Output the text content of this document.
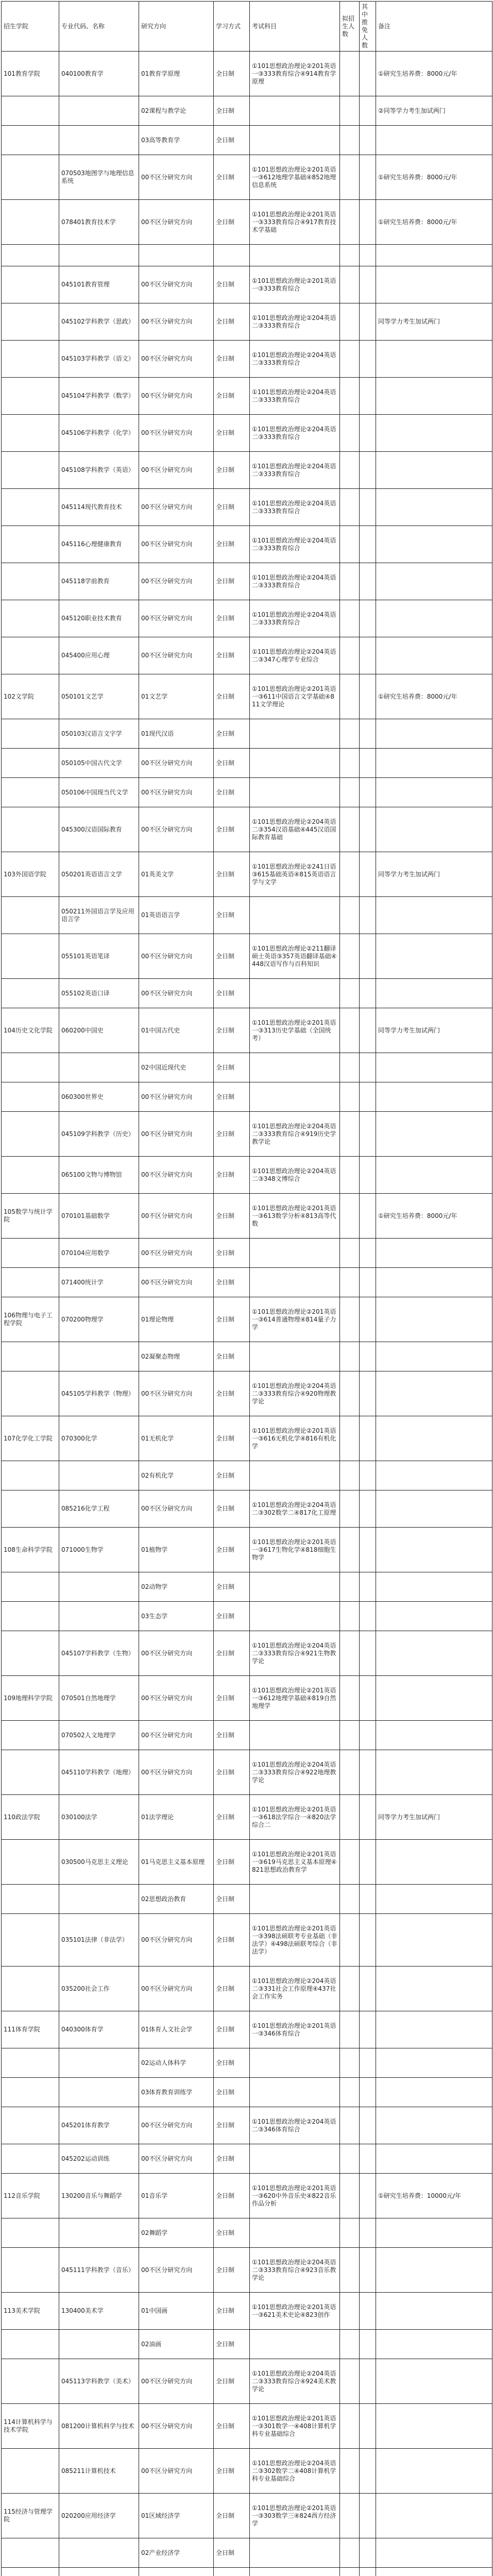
招生学院	专业代码、名称	研究方向	学习方式	考试科目	拟招生人数	其中推免人数	备注
101教育学院	040100教育学	01教育学原理	全日制	①101思想政治理论②201英语一③333教育综合④914教育学原理			①研究生培养费：8000元/年
		02课程与教学论	全日制				②同等学力考生加试两门
		03高等教育学	全日制				
	070503地图学与地理信息系统	00不区分研究方向	全日制	①101思想政治理论②201英语一③612地理学基础④852地理信息系统			①研究生培养费：8000元/年
	078401教育技术学	00不区分研究方向	全日制	①101思想政治理论②201英语一③333教育综合④917教育技术学基础			①研究生培养费：8000元/年

	045101教育管理	00不区分研究方向	全日制	①101思想政治理论②201英语一③333教育综合			
	045102学科教学（思政）	00不区分研究方向	全日制	①101思想政治理论②204英语二③333教育综合			同等学力考生加试两门
	045103学科教学（语文）	00不区分研究方向	全日制	①101思想政治理论②204英语二③333教育综合			
	045104学科教学（数学）	00不区分研究方向	全日制	①101思想政治理论②204英语二③333教育综合			
	045106学科教学（化学）	00不区分研究方向	全日制	①101思想政治理论②204英语二③333教育综合			
	045108学科教学（英语）	00不区分研究方向	全日制	①101思想政治理论②204英语二③333教育综合			
	045114现代教育技术	00不区分研究方向	全日制	①101思想政治理论②204英语二③333教育综合			
	045116心理健康教育	00不区分研究方向	全日制	①101思想政治理论②204英语二③333教育综合			
	045118学前教育	00不区分研究方向	全日制	①101思想政治理论②204英语二③333教育综合			
	045120职业技术教育	00不区分研究方向	全日制	①101思想政治理论②204英语二③333教育综合			
	045400应用心理	00不区分研究方向	全日制	①101思想政治理论②204英语二③347心理学专业综合			
102文学院	050101文艺学	01文艺学	全日制	①101思想政治理论②201英语一③611中国语言文学基础④811文学理论			①研究生培养费：8000元/年
	050103汉语言文字学	01现代汉语	全日制				
	050105中国古代文学	00不区分研究方向	全日制				
	050106中国现当代文学	00不区分研究方向	全日制				
	045300汉语国际教育	00不区分研究方向	全日制	①101思想政治理论②204英语二③354汉语基础④445汉语国际教育基础			
103外国语学院	050201英语语言文学	01英美文学	全日制	①101思想政治理论②241日语③615基础英语④815英语语言学与文学			同等学力考生加试两门
	050211外国语言学及应用语言学	01英语语言学	全日制				
	055101英语笔译	00不区分研究方向	全日制	①101思想政治理论②211翻译硕士英语③357英语翻译基础④448汉语写作与百科知识			
	055102英语口译	00不区分研究方向	全日制				
104历史文化学院	060200中国史	01中国古代史	全日制	①101思想政治理论②201英语一③313历史学基础（全国统考）			同等学力考生加试两门
		02中国近现代史	全日制				
	060300世界史	00不区分研究方向	全日制				
	045109学科教学（历史）	00不区分研究方向	全日制	①101思想政治理论②204英语二③333教育综合④919历史学教学论			
	065100文物与博物馆	00不区分研究方向	全日制	①101思想政治理论②204英语二③348文博综合			
105数学与统计学院	070101基础数学	00不区分研究方向	全日制	①101思想政治理论②201英语一③613数学分析④813高等代数			①研究生培养费：8000元/年
	070104应用数学	00不区分研究方向	全日制				
	071400统计学	00不区分研究方向	全日制				
106物理与电子工程学院	070200物理学	01理论物理	全日制	①101思想政治理论②201英语一③614普通物理④814量子力学			
		02凝聚态物理	全日制				
	045105学科教学（物理）	00不区分研究方向	全日制	①101思想政治理论②204英语二③333教育综合④920物理教学论			
107化学化工学院	070300化学	01无机化学	全日制	①101思想政治理论②201英语一③616无机化学④816有机化学			
		02有机化学	全日制				
	085216化学工程	00不区分研究方向	全日制	①101思想政治理论②204英语二③302数学二④817化工原理			
108生命科学学院	071000生物学	01植物学	全日制	①101思想政治理论②201英语一③617生物化学④818细胞生物学			
		02动物学	全日制				
		03生态学	全日制				
	045107学科教学（生物）	00不区分研究方向	全日制	①101思想政治理论②204英语二③333教育综合④921生物教学论			
109地理科学学院	070501自然地理学	00不区分研究方向	全日制	①101思想政治理论②201英语一③612地理学基础④819自然地理学			
	070502人文地理学	00不区分研究方向	全日制				
	045110学科教学（地理）	00不区分研究方向	全日制	①101思想政治理论②204英语二③333教育综合④922地理教学论			
110政法学院	030100法学	01法学理论	全日制	①101思想政治理论②201英语一③618法学综合一④820法学综合二			同等学力考生加试两门
	030500马克思主义理论	01马克思主义基本原理	全日制	①101思想政治理论②201英语一③619马克思主义基本原理④821思想政治教育学			
		02思想政治教育	全日制				
	035101法律（非法学）	00不区分研究方向	全日制	①101思想政治理论②201英语一③398法硕联考专业基础（非法学）④498法硕联考综合（非法学）			
	035200社会工作	00不区分研究方向	全日制	①101思想政治理论②204英语二③331社会工作原理④437社会工作实务			
111体育学院	040300体育学	01体育人文社会学	全日制	①101思想政治理论②201英语一③346体育综合			
		02运动人体科学	全日制				
		03体育教育训练学	全日制				
	045201体育教学	00不区分研究方向	全日制	①101思想政治理论②204英语二③346体育综合			
	045202运动训练	00不区分研究方向	全日制				
112音乐学院	130200音乐与舞蹈学	01音乐学	全日制	①101思想政治理论②201英语一③620中外音乐史④822音乐作品分析			①研究生培养费：10000元/年
		02舞蹈学	全日制				
	045111学科教学（音乐）	00不区分研究方向	全日制	①101思想政治理论②204英语二③333教育综合④923音乐教学论			
113美术学院	130400美术学	01中国画	全日制	①101思想政治理论②201英语一③621美术史论④823创作			
		02油画	全日制				
	045113学科教学（美术）	00不区分研究方向	全日制	①101思想政治理论②204英语二③333教育综合④924美术教学论			
114计算机科学与技术学院	081200计算机科学与技术	00不区分研究方向	全日制	①101思想政治理论②201英语一③301数学一④408计算机学科专业基础综合			
	085211计算机技术	00不区分研究方向	全日制	①101思想政治理论②204英语二③302数学二④408计算机学科专业基础综合			
115经济与管理学院	020200应用经济学	01区域经济学	全日制	①101思想政治理论②201英语一③303数学三④824西方经济学			
		02产业经济学	全日制				
